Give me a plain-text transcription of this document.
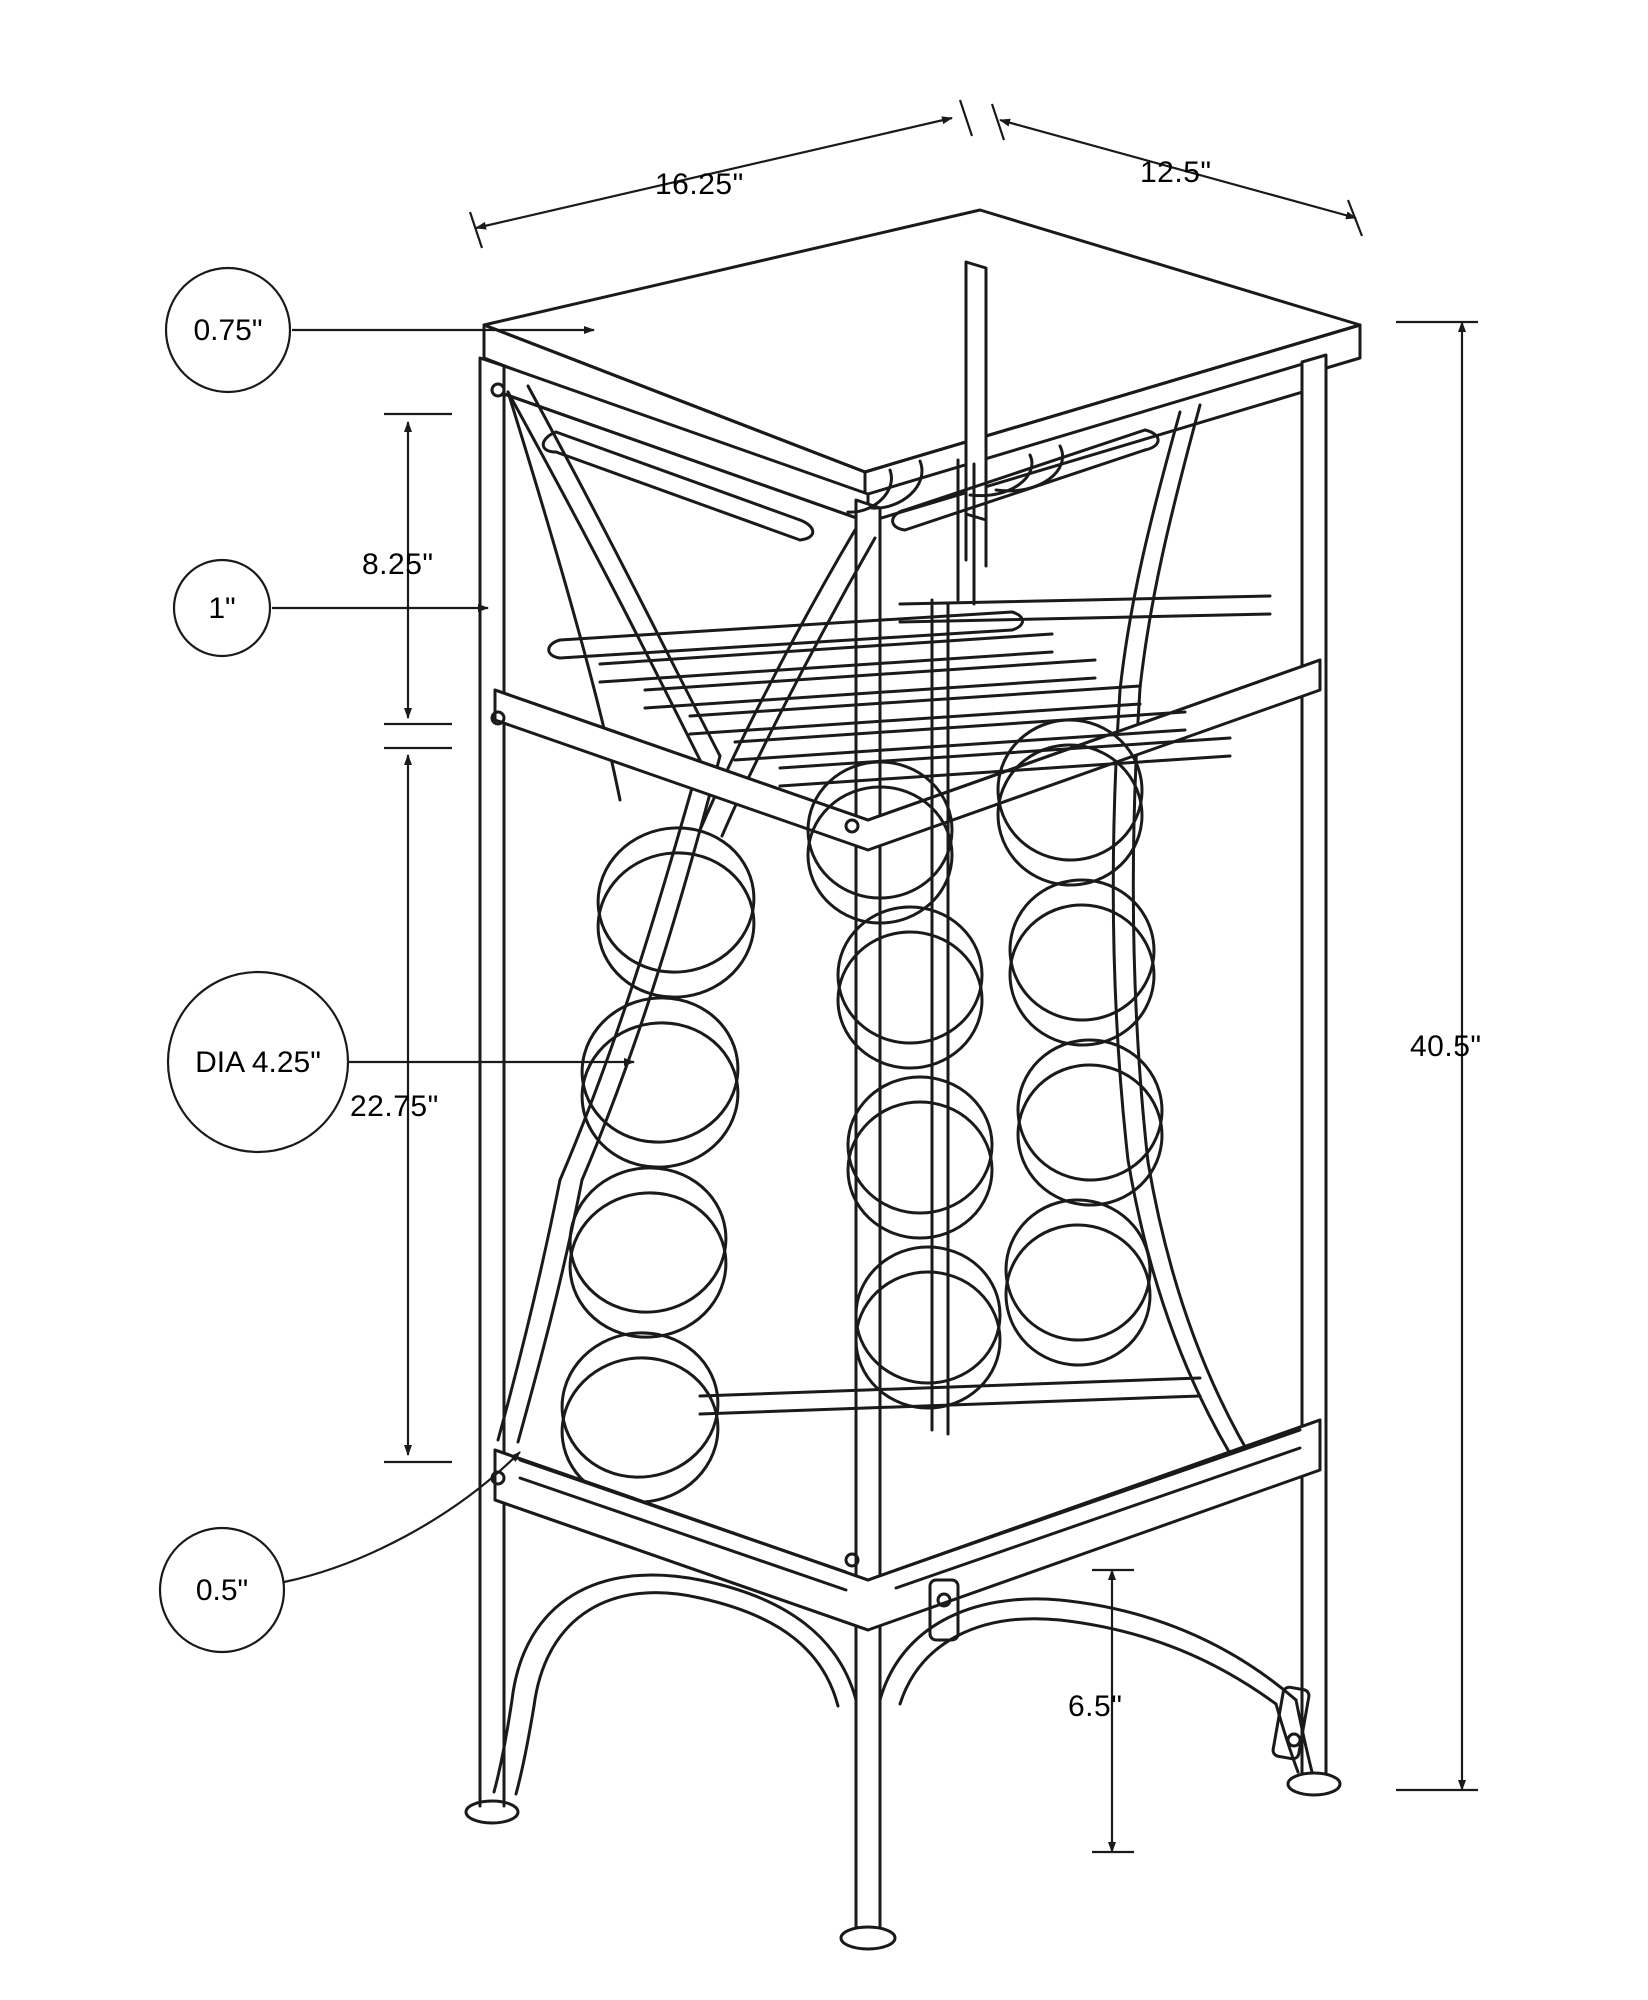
16.25"	12.5"
0.75"
1"
8.25"
DIA 4.25"
22.75"
0.5"
40.5"
6.5"
